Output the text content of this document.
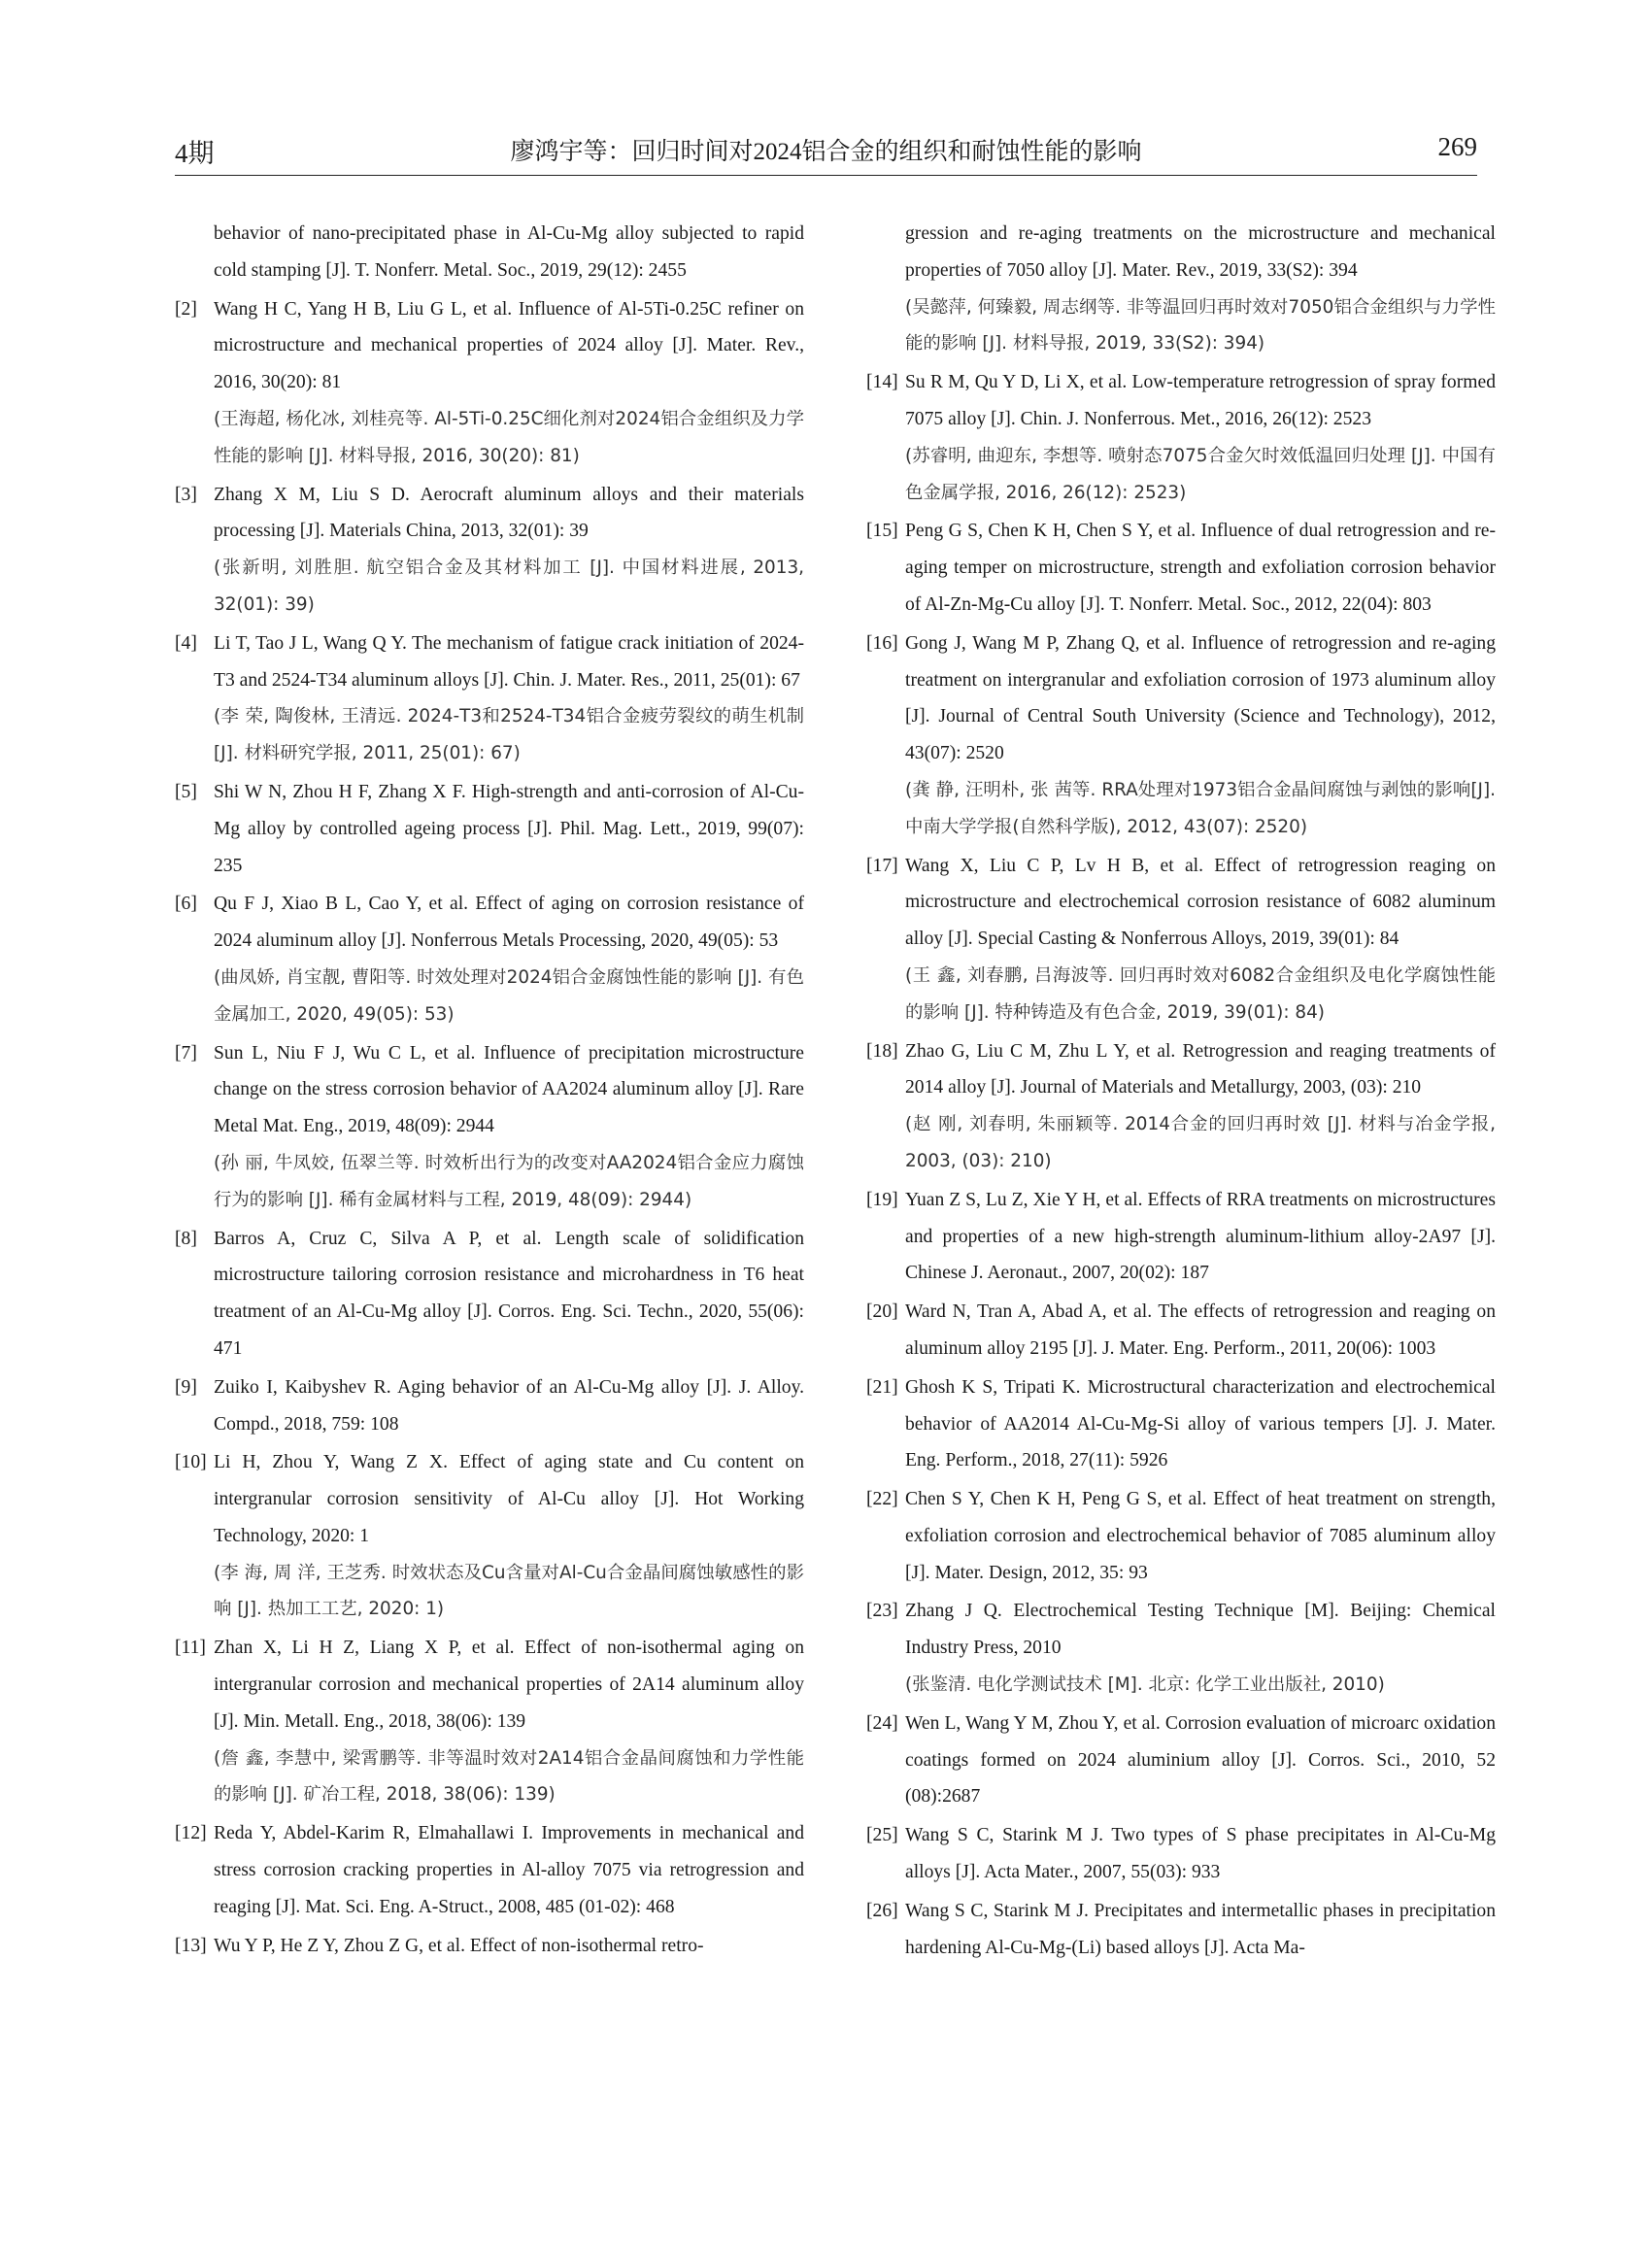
4期	廖鸿宇等：回归时间对2024铝合金的组织和耐蚀性能的影响	269
behavior of nano-precipitated phase in Al-Cu-Mg alloy subjected to rapid cold stamping [J]. T. Nonferr. Metal. Soc., 2019, 29(12): 2455
[2] Wang H C, Yang H B, Liu G L, et al. Influence of Al-5Ti-0.25C refiner on microstructure and mechanical properties of 2024 alloy [J]. Mater. Rev., 2016, 30(20): 81
(王海超, 杨化冰, 刘桂亮等. Al-5Ti-0.25C细化剂对2024铝合金组织及力学性能的影响 [J]. 材料导报, 2016, 30(20): 81)
[3] Zhang X M, Liu S D. Aerocraft aluminum alloys and their materials processing [J]. Materials China, 2013, 32(01): 39
(张新明, 刘胜胆. 航空铝合金及其材料加工 [J]. 中国材料进展, 2013, 32(01): 39)
[4] Li T, Tao J L, Wang Q Y. The mechanism of fatigue crack initiation of 2024-T3 and 2524-T34 aluminum alloys [J]. Chin. J. Mater. Res., 2011, 25(01): 67
(李 荣, 陶俊林, 王清远. 2024-T3和2524-T34铝合金疲劳裂纹的萌生机制 [J]. 材料研究学报, 2011, 25(01): 67)
[5] Shi W N, Zhou H F, Zhang X F. High-strength and anti-corrosion of Al-Cu-Mg alloy by controlled ageing process [J]. Phil. Mag. Lett., 2019, 99(07): 235
[6] Qu F J, Xiao B L, Cao Y, et al. Effect of aging on corrosion resistance of 2024 aluminum alloy [J]. Nonferrous Metals Processing, 2020, 49(05): 53
(曲凤娇, 肖宝靓, 曹阳等. 时效处理对2024铝合金腐蚀性能的影响 [J]. 有色金属加工, 2020, 49(05): 53)
[7] Sun L, Niu F J, Wu C L, et al. Influence of precipitation microstructure change on the stress corrosion behavior of AA2024 aluminum alloy [J]. Rare Metal Mat. Eng., 2019, 48(09): 2944
(孙 丽, 牛凤姣, 伍翠兰等. 时效析出行为的改变对AA2024铝合金应力腐蚀行为的影响 [J]. 稀有金属材料与工程, 2019, 48(09): 2944)
[8] Barros A, Cruz C, Silva A P, et al. Length scale of solidification microstructure tailoring corrosion resistance and microhardness in T6 heat treatment of an Al-Cu-Mg alloy [J]. Corros. Eng. Sci. Techn., 2020, 55(06): 471
[9] Zuiko I, Kaibyshev R. Aging behavior of an Al-Cu-Mg alloy [J]. J. Alloy. Compd., 2018, 759: 108
[10] Li H, Zhou Y, Wang Z X. Effect of aging state and Cu content on intergranular corrosion sensitivity of Al-Cu alloy [J]. Hot Working Technology, 2020: 1
(李 海, 周 洋, 王芝秀. 时效状态及Cu含量对Al-Cu合金晶间腐蚀敏感性的影响 [J]. 热加工工艺, 2020: 1)
[11] Zhan X, Li H Z, Liang X P, et al. Effect of non-isothermal aging on intergranular corrosion and mechanical properties of 2A14 aluminum alloy [J]. Min. Metall. Eng., 2018, 38(06): 139
(詹 鑫, 李慧中, 梁霄鹏等. 非等温时效对2A14铝合金晶间腐蚀和力学性能的影响 [J]. 矿冶工程, 2018, 38(06): 139)
[12] Reda Y, Abdel-Karim R, Elmahallawi I. Improvements in mechanical and stress corrosion cracking properties in Al-alloy 7075 via retrogression and reaging [J]. Mat. Sci. Eng. A-Struct., 2008, 485 (01-02): 468
[13] Wu Y P, He Z Y, Zhou Z G, et al. Effect of non-isothermal retro-
gression and re-aging treatments on the microstructure and mechanical properties of 7050 alloy [J]. Mater. Rev., 2019, 33(S2): 394
(吴懿萍, 何臻毅, 周志纲等. 非等温回归再时效对7050铝合金组织与力学性能的影响 [J]. 材料导报, 2019, 33(S2): 394)
[14] Su R M, Qu Y D, Li X, et al. Low-temperature retrogression of spray formed 7075 alloy [J]. Chin. J. Nonferrous. Met., 2016, 26(12): 2523
(苏睿明, 曲迎东, 李想等. 喷射态7075合金欠时效低温回归处理 [J]. 中国有色金属学报, 2016, 26(12): 2523)
[15] Peng G S, Chen K H, Chen S Y, et al. Influence of dual retrogression and re-aging temper on microstructure, strength and exfoliation corrosion behavior of Al-Zn-Mg-Cu alloy [J]. T. Nonferr. Metal. Soc., 2012, 22(04): 803
[16] Gong J, Wang M P, Zhang Q, et al. Influence of retrogression and re-aging treatment on intergranular and exfoliation corrosion of 1973 aluminum alloy [J]. Journal of Central South University (Science and Technology), 2012, 43(07): 2520
(龚 静, 汪明朴, 张 茜等. RRA处理对1973铝合金晶间腐蚀与剥蚀的影响[J]. 中南大学学报(自然科学版), 2012, 43(07): 2520)
[17] Wang X, Liu C P, Lv H B, et al. Effect of retrogression reaging on microstructure and electrochemical corrosion resistance of 6082 aluminum alloy [J]. Special Casting & Nonferrous Alloys, 2019, 39(01): 84
(王 鑫, 刘春鹏, 吕海波等. 回归再时效对6082合金组织及电化学腐蚀性能的影响 [J]. 特种铸造及有色合金, 2019, 39(01): 84)
[18] Zhao G, Liu C M, Zhu L Y, et al. Retrogression and reaging treatments of 2014 alloy [J]. Journal of Materials and Metallurgy, 2003, (03): 210
(赵 刚, 刘春明, 朱丽颖等. 2014合金的回归再时效 [J]. 材料与冶金学报, 2003, (03): 210)
[19] Yuan Z S, Lu Z, Xie Y H, et al. Effects of RRA treatments on microstructures and properties of a new high-strength aluminum-lithium alloy-2A97 [J]. Chinese J. Aeronaut., 2007, 20(02): 187
[20] Ward N, Tran A, Abad A, et al. The effects of retrogression and reaging on aluminum alloy 2195 [J]. J. Mater. Eng. Perform., 2011, 20(06): 1003
[21] Ghosh K S, Tripati K. Microstructural characterization and electrochemical behavior of AA2014 Al-Cu-Mg-Si alloy of various tempers [J]. J. Mater. Eng. Perform., 2018, 27(11): 5926
[22] Chen S Y, Chen K H, Peng G S, et al. Effect of heat treatment on strength, exfoliation corrosion and electrochemical behavior of 7085 aluminum alloy [J]. Mater. Design, 2012, 35: 93
[23] Zhang J Q. Electrochemical Testing Technique [M]. Beijing: Chemical Industry Press, 2010
(张鉴清. 电化学测试技术 [M]. 北京: 化学工业出版社, 2010)
[24] Wen L, Wang Y M, Zhou Y, et al. Corrosion evaluation of microarc oxidation coatings formed on 2024 aluminium alloy [J]. Corros. Sci., 2010, 52 (08):2687
[25] Wang S C, Starink M J. Two types of S phase precipitates in Al-Cu-Mg alloys [J]. Acta Mater., 2007, 55(03): 933
[26] Wang S C, Starink M J. Precipitates and intermetallic phases in precipitation hardening Al-Cu-Mg-(Li) based alloys [J]. Acta Ma-
